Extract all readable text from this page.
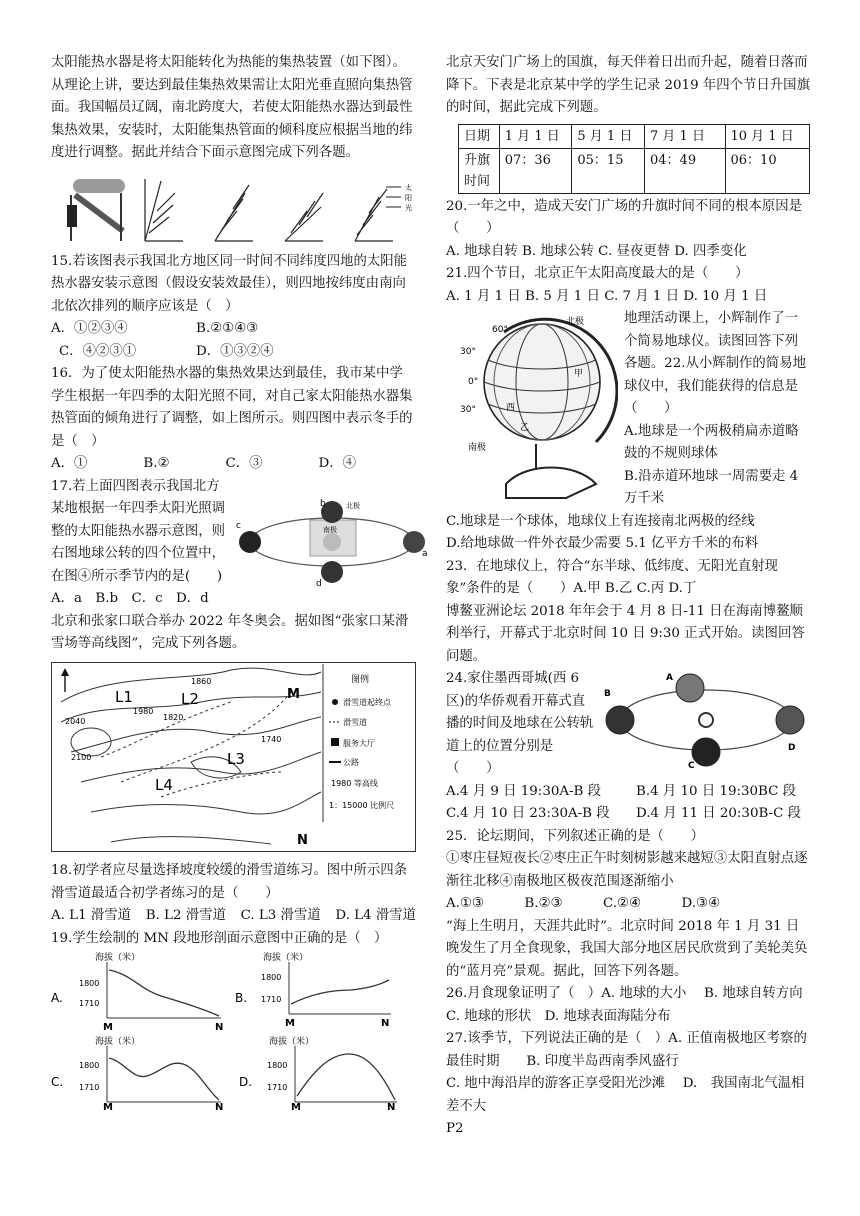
太阳能热水器是将太阳能转化为热能的集热装置（如下图）。从理论上讲，要达到最佳集热效果需让太阳光垂直照向集热管面。我国幅员辽阔，南北跨度大，若使太阳能热水器达到最性集热效果，安装时，太阳能集热管面的倾科度应根据当地的纬度进行调整。据此并结合下面示意图完成下列各题。

太
阳
光

15.若该图表示我国北方地区同一时间不同纬度四地的太阳能热水器安装示意图（假设安装效最佳），则四地按纬度由南向北依次排列的顺序应该是（　）

A．①②③④	B.②①④③
C．④②③①	D．①③②④

16．为了使太阳能热水器的集热效果达到最佳，我市某中学学生根据一年四季的太阳光照不同，对自己家太阳能热水器集热管面的倾角进行了调整，如上图所示。则四图中表示冬手的是（　）

A．①	B.②	C．③	D．④
b	北极
南极
c
a
d

17.若上面四图表示我国北方某地根据一年四季太阳光照调整的太阳能热水器示意图，则右图地球公转的四个位置中，在图④所示季节内的是(　　)

A．a　B.b　C．c　D．d

北京和张家口联合举办 2022 年冬奥会。据如图“张家口某滑雪场等高线图”，完成下列各题。

M
L1	L2
L3
L4
N
1980
1860
1820
1740
2040
2100
图例
滑雪道起终点
滑雪道
服务大厅
公路
1980 等高线
1：15000 比例尺

18.初学者应尽量选择坡度较缓的滑雪道练习。图中所示四条滑雪道最适合初学者练习的是（　　）

A. L1 滑雪道 B. L2 滑雪道 C. L3 滑雪道 D. L4 滑雪道

19.学生绘制的 MN 段地形剖面示意图中正确的是（　）

A.
海拔（米）
1800
1710
M	N
B.
海拔（米）
1800
1710
M	N
C.
海拔（米）
1800
1710
M	N
D.
海拔（米）
1800
1710
M	N

北京天安门广场上的国旗，每天伴着日出而升起，随着日落而降下。下表是北京某中学的学生记录 2019 年四个节日升国旗的时间，据此完成下列题。

日期	1 月 1 日	5 月 1 日	7 月 1 日	10 月 1 日
升旗时间	07：36	05：15	04：49	06：10

20.一年之中，造成天安门广场的升旗时间不同的根本原因是（　　）

A. 地球自转 B. 地球公转 C. 昼夜更替 D. 四季变化

21.四个节日，北京正午太阳高度最大的是（　　）

A. 1 月 1 日 B. 5 月 1 日 C. 7 月 1 日 D. 10 月 1 日

北极
60°
30°
0°
30°
甲
西
乙
南极

地理活动课上，小辉制作了一个简易地球仪。读图回答下列各题。22.从小辉制作的简易地球仪中，我们能获得的信息是（　　）

A.地球是一个两极稍扁赤道略鼓的不规则球体

B.沿赤道环地球一周需要走 4 万千米

C.地球是一个球体，地球仪上有连接南北两极的经线

D.给地球做一件外衣最少需要 5.1 亿平方千米的布料

23．在地球仪上，符合“东半球、低纬度、无阳光直射现象”条件的是（　　）A.甲 B.乙 C.丙 D.丁

博鳌亚洲论坛 2018 年年会于 4 月 8 日-11 日在海南博鳌顺利举行，开幕式于北京时间 10 日 9:30 正式开始。读图回答问题。

A
B
C
D

24.家住墨西哥城(西 6 区)的华侨观看开幕式直播的时间及地球在公转轨道上的位置分别是（　　）

A.4 月 9 日 19:30A-B 段	B.4 月 10 日 19:30BC 段
C.4 月 10 日 23:30A-B 段	D.4 月 11 日 20:30B-C 段

25．论坛期间，下列叙述正确的是（　　）

①枣庄昼短夜长②枣庄正午时刻树影越来越短③太阳直射点逐渐往北移④南极地区极夜范围逐渐缩小

A.①③	B.②③	C.②④	D.③④

“海上生明月，天涯共此时”。北京时间 2018 年 1 月 31 日晚发生了月全食现象，我国大部分地区居民欣赏到了美轮美奂的“蓝月亮”景观。据此，回答下列各题。

26.月食现象证明了（　）A. 地球的大小　 B. 地球自转方向　C. 地球的形状　D. 地球表面海陆分布

27.该季节，下列说法正确的是（　）A. 正值南极地区考察的最佳时期　　B. 印度半岛西南季风盛行

C. 地中海沿岸的游客正享受阳光沙滩　 D.　我国南北气温相差不大

P2
